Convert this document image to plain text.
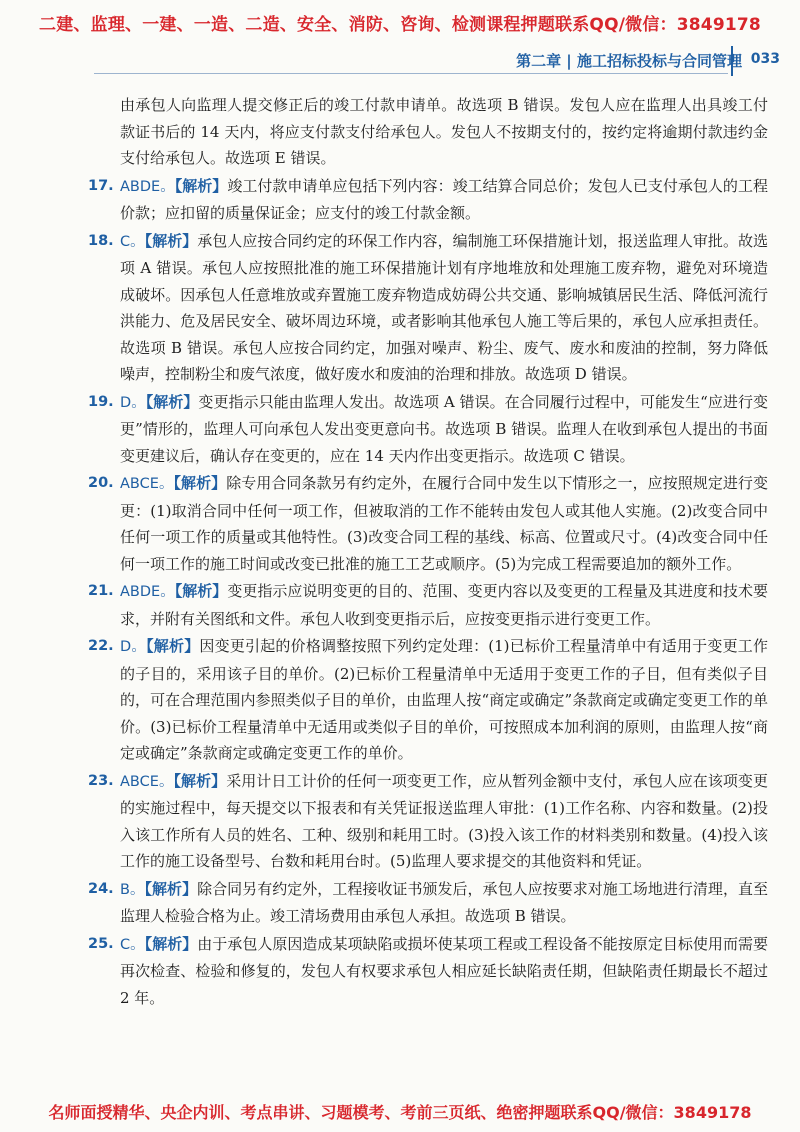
二建、监理、一建、一造、二造、安全、消防、咨询、检测课程押题联系QQ/微信：3849178
第二章 | 施工招标投标与合同管理 033
由承包人向监理人提交修正后的竣工付款申请单。故选项 B 错误。发包人应在监理人出具竣工付款证书后的 14 天内，将应支付款支付给承包人。发包人不按期支付的，按约定将逾期付款违约金支付给承包人。故选项 E 错误。
17. ABDE。【解析】竣工付款申请单应包括下列内容：竣工结算合同总价；发包人已支付承包人的工程价款；应扣留的质量保证金；应支付的竣工付款金额。
18. C。【解析】承包人应按合同约定的环保工作内容，编制施工环保措施计划，报送监理人审批。故选项 A 错误。承包人应按照批准的施工环保措施计划有序地堆放和处理施工废弃物，避免对环境造成破坏。因承包人任意堆放或弃置施工废弃物造成妨碍公共交通、影响城镇居民生活、降低河流行洪能力、危及居民安全、破坏周边环境，或者影响其他承包人施工等后果的，承包人应承担责任。故选项 B 错误。承包人应按合同约定，加强对噪声、粉尘、废气、废水和废油的控制，努力降低噪声，控制粉尘和废气浓度，做好废水和废油的治理和排放。故选项 D 错误。
19. D。【解析】变更指示只能由监理人发出。故选项 A 错误。在合同履行过程中，可能发生“应进行变更”情形的，监理人可向承包人发出变更意向书。故选项 B 错误。监理人在收到承包人提出的书面变更建议后，确认存在变更的，应在 14 天内作出变更指示。故选项 C 错误。
20. ABCE。【解析】除专用合同条款另有约定外，在履行合同中发生以下情形之一，应按照规定进行变更：(1)取消合同中任何一项工作，但被取消的工作不能转由发包人或其他人实施。(2)改变合同中任何一项工作的质量或其他特性。(3)改变合同工程的基线、标高、位置或尺寸。(4)改变合同中任何一项工作的施工时间或改变已批准的施工工艺或顺序。(5)为完成工程需要追加的额外工作。
21. ABDE。【解析】变更指示应说明变更的目的、范围、变更内容以及变更的工程量及其进度和技术要求，并附有关图纸和文件。承包人收到变更指示后，应按变更指示进行变更工作。
22. D。【解析】因变更引起的价格调整按照下列约定处理：(1)已标价工程量清单中有适用于变更工作的子目的，采用该子目的单价。(2)已标价工程量清单中无适用于变更工作的子目，但有类似子目的，可在合理范围内参照类似子目的单价，由监理人按“商定或确定”条款商定或确定变更工作的单价。(3)已标价工程量清单中无适用或类似子目的单价，可按照成本加利润的原则，由监理人按“商定或确定”条款商定或确定变更工作的单价。
23. ABCE。【解析】采用计日工计价的任何一项变更工作，应从暂列金额中支付，承包人应在该项变更的实施过程中，每天提交以下报表和有关凭证报送监理人审批：(1)工作名称、内容和数量。(2)投入该工作所有人员的姓名、工种、级别和耗用工时。(3)投入该工作的材料类别和数量。(4)投入该工作的施工设备型号、台数和耗用台时。(5)监理人要求提交的其他资料和凭证。
24. B。【解析】除合同另有约定外，工程接收证书颁发后，承包人应按要求对施工场地进行清理，直至监理人检验合格为止。竣工清场费用由承包人承担。故选项 B 错误。
25. C。【解析】由于承包人原因造成某项缺陷或损坏使某项工程或工程设备不能按原定目标使用而需要再次检查、检验和修复的，发包人有权要求承包人相应延长缺陷责任期，但缺陷责任期最长不超过 2 年。
名师面授精华、央企内训、考点串讲、习题模考、考前三页纸、绝密押题联系QQ/微信：3849178
